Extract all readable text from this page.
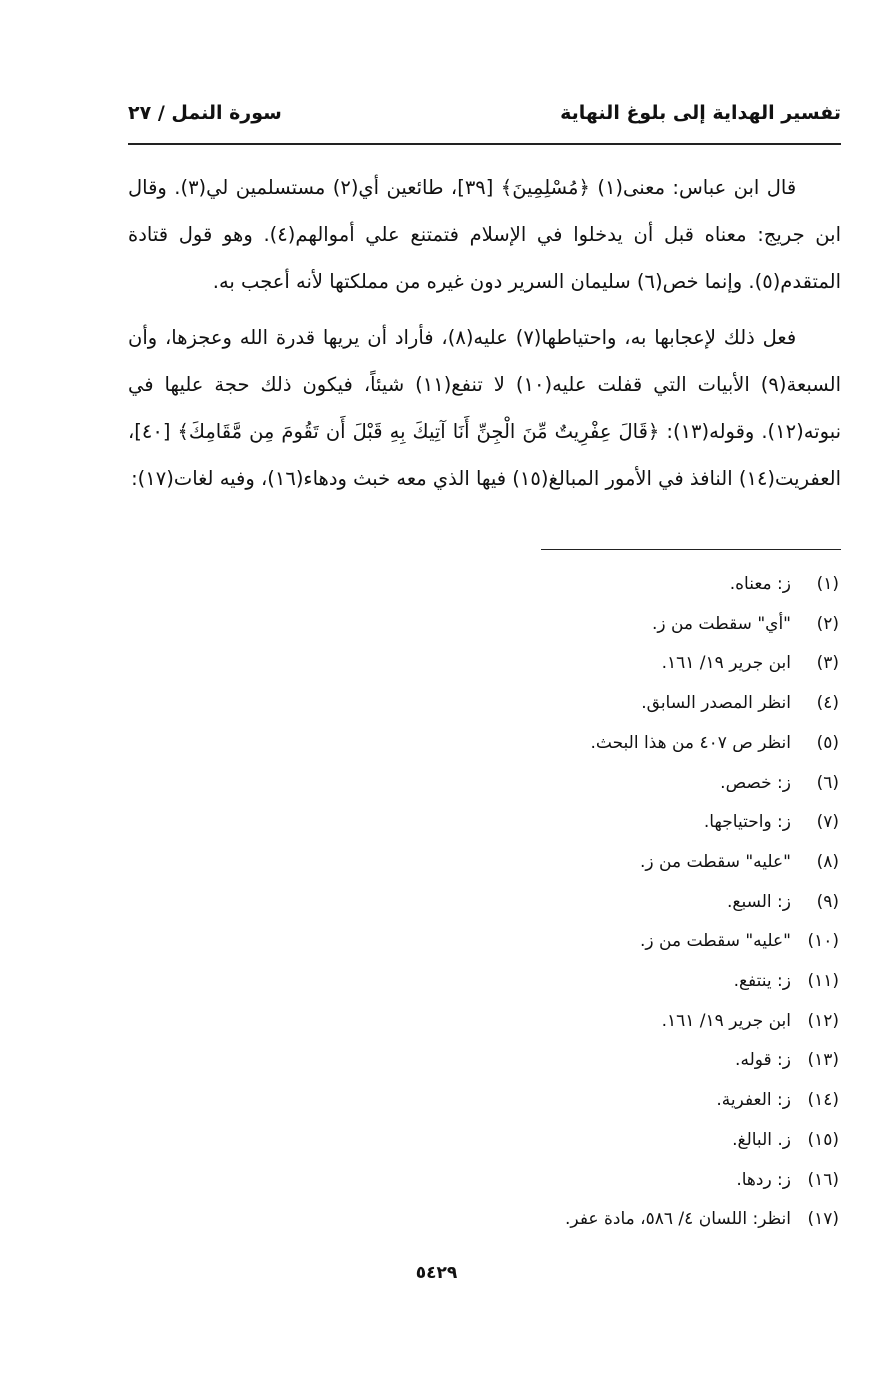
تفسير الهداية إلى بلوغ النهاية
سورة النمل / ٢٧

قال ابن عباس: معنى(١) ﴿مُسْلِمِينَ﴾ [٣٩]، طائعين أي(٢) مستسلمين لي(٣). وقال ابن جريج: معناه قبل أن يدخلوا في الإسلام فتمتنع علي أموالهم(٤). وهو قول قتادة المتقدم(٥). وإنما خص(٦) سليمان السرير دون غيره من مملكتها لأنه أعجب به.

فعل ذلك لإعجابها به، واحتياطها(٧) عليه(٨)، فأراد أن يريها قدرة الله وعجزها، وأن السبعة(٩) الأبيات التي قفلت عليه(١٠) لا تنفع(١١) شيئاً، فيكون ذلك حجة عليها في نبوته(١٢). وقوله(١٣): ﴿قَالَ عِفْرِيتٌ مِّنَ الْجِنِّ أَنَا آتِيكَ بِهِ قَبْلَ أَن تَقُومَ مِن مَّقَامِكَ﴾ [٤٠]، العفريت(١٤) النافذ في الأمور المبالغ(١٥) فيها الذي معه خبث ودهاء(١٦)، وفيه لغات(١٧):

(١)
ز: معناه.
(٢)
"أي" سقطت من ز.
(٣)
ابن جرير ١٩/ ١٦١.
(٤)
انظر المصدر السابق.
(٥)
انظر ص ٤٠٧ من هذا البحث.
(٦)
ز: خصص.
(٧)
ز: واحتياجها.
(٨)
"عليه" سقطت من ز.
(٩)
ز: السبع.
(١٠)
"عليه" سقطت من ز.
(١١)
ز: ينتفع.
(١٢)
ابن جرير ١٩/ ١٦١.
(١٣)
ز: قوله.
(١٤)
ز: العفرية.
(١٥)
ز. البالغ.
(١٦)
ز: ردها.
(١٧)
انظر: اللسان ٤/ ٥٨٦، مادة عفر.
٥٤٢٩
